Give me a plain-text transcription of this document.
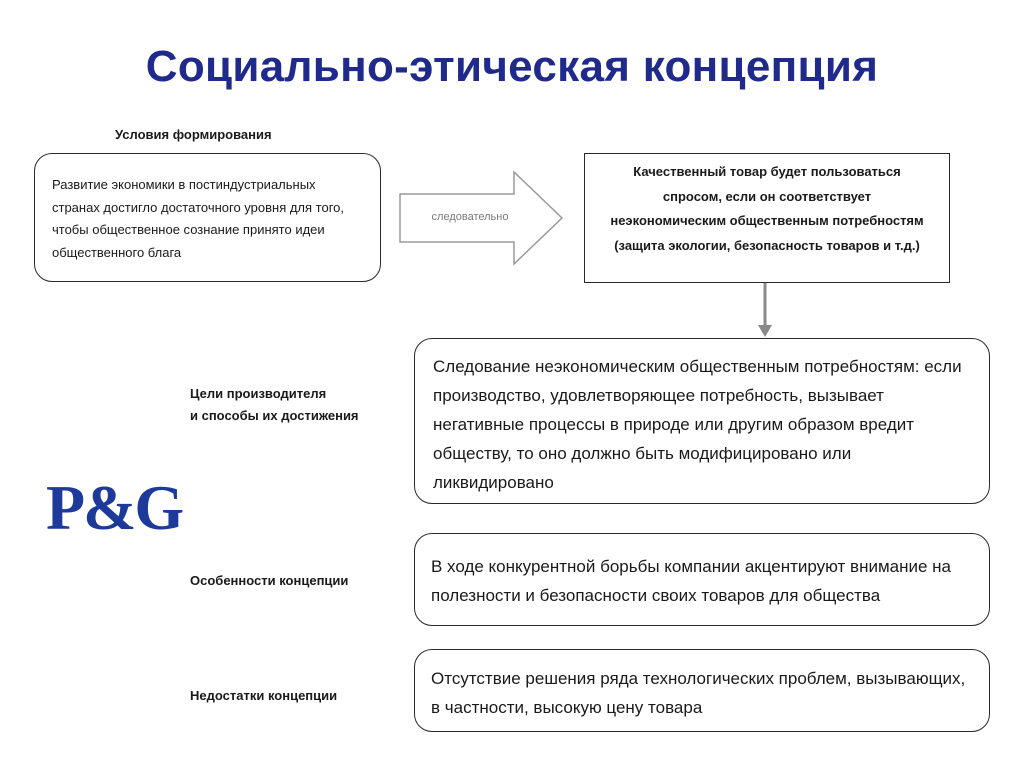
Социально-этическая концепция
Условия формирования
Развитие экономики в постиндустриальных странах достигло достаточного уровня для того, чтобы общественное сознание принято идеи общественного блага
следовательно
Качественный товар будет пользоваться спросом, если он соответствует неэкономическим общественным потребностям (защита экологии, безопасность товаров и т.д.)
Цели производителя
и способы их достижения
Следование неэкономическим общественным потребностям: если производство, удовлетворяющее потребность, вызывает негативные процессы в природе или другим образом вредит обществу, то оно должно быть модифицировано или ликвидировано
P&G
Особенности концепции
В ходе конкурентной борьбы компании акцентируют внимание на полезности и безопасности своих товаров для общества
Недостатки концепции
Отсутствие решения ряда технологических проблем, вызывающих, в частности, высокую цену товара
